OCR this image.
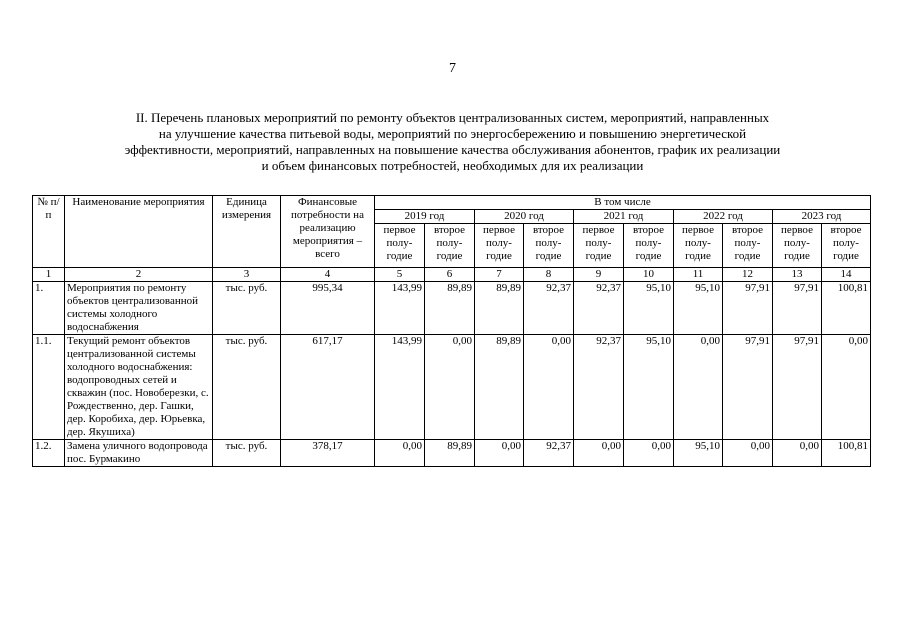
7
II. Перечень плановых мероприятий по ремонту объектов централизованных систем, мероприятий, направленных
на улучшение качества питьевой воды, мероприятий по энергосбережению и повышению энергетической
эффективности, мероприятий, направленных на повышение качества обслуживания абонентов, график их реализации
и объем финансовых потребностей, необходимых для их реализации
№ п/п	Наименование мероприятия	Единица измерения	Финансовые потребности на реализацию мероприятия – всего	В том числе									
				2019 год		2020 год		2021 год		2022 год		2023 год	
				первое полу- годие	второе полу- годие	первое полу- годие	второе полу- годие	первое полу- годие	второе полу- годие	первое полу- годие	второе полу- годие	первое полу- годие	второе полу- годие
1	2	3	4	5	6	7	8	9	10	11	12	13	14
1.	Мероприятия по ремонту объектов централизованной системы холодного водоснабжения	тыс. руб.	995,34	143,99	89,89	89,89	92,37	92,37	95,10	95,10	97,91	97,91	100,81
1.1.	Текущий ремонт объектов централизованной системы холодного водоснабжения: водопроводных сетей и скважин (пос. Новоберезки, с. Рождественно, дер. Гашки, дер. Коробиха, дер. Юрьевка, дер. Якушиха)	тыс. руб.	617,17	143,99	0,00	89,89	0,00	92,37	95,10	0,00	97,91	97,91	0,00
1.2.	Замена уличного водопровода пос. Бурмакино	тыс. руб.	378,17	0,00	89,89	0,00	92,37	0,00	0,00	95,10	0,00	0,00	100,81
